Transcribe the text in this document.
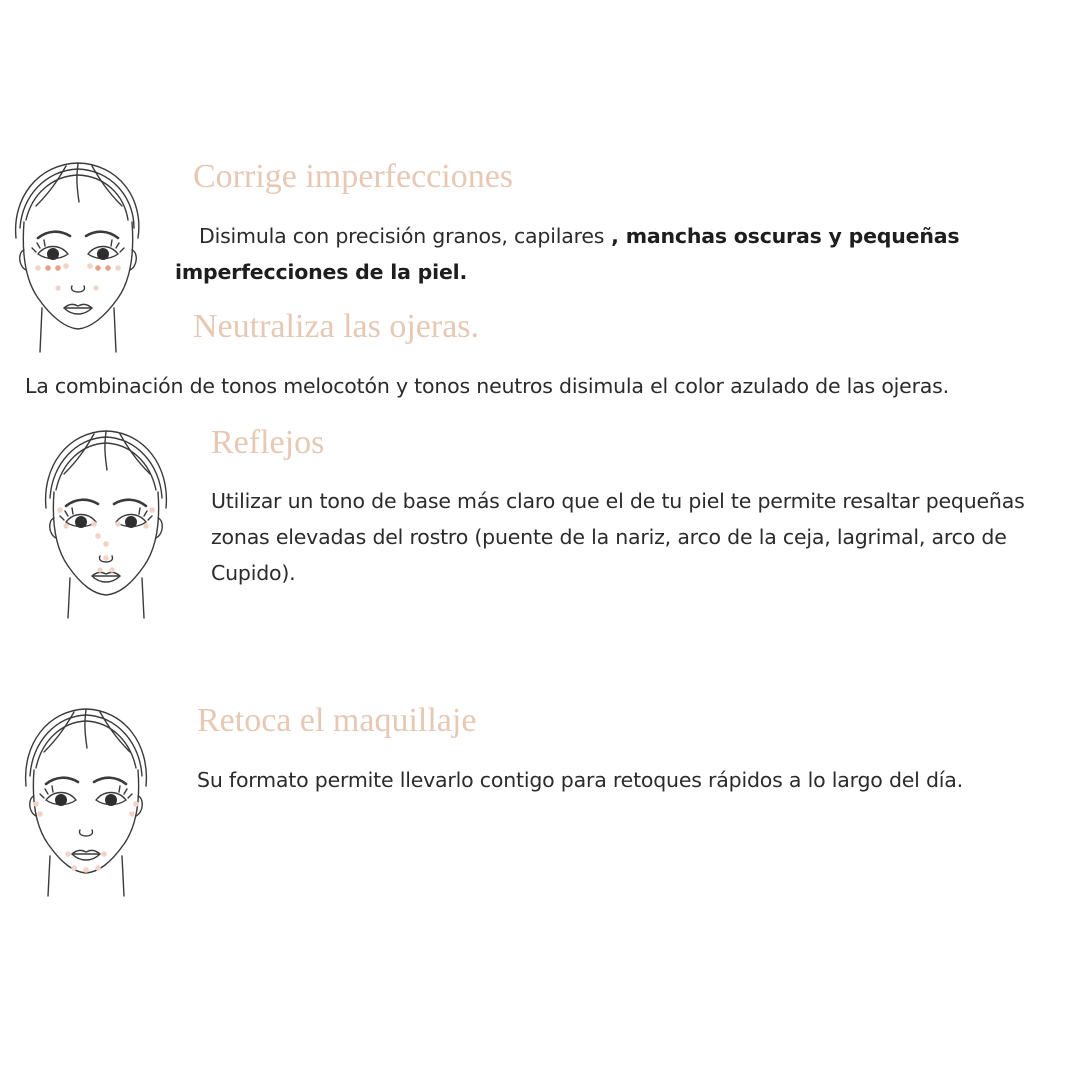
Corrige imperfecciones

Disimula con precisión granos, capilares , manchas oscuras y pequeñas imperfecciones de la piel.

Neutraliza las ojeras.

La combinación de tonos melocotón y tonos neutros disimula el color azulado de las ojeras.

Reflejos

Utilizar un tono de base más claro que el de tu piel te permite resaltar pequeñas zonas elevadas del rostro (puente de la nariz, arco de la ceja, lagrimal, arco de Cupido).

Retoca el maquillaje

Su formato permite llevarlo contigo para retoques rápidos a lo largo del día.
